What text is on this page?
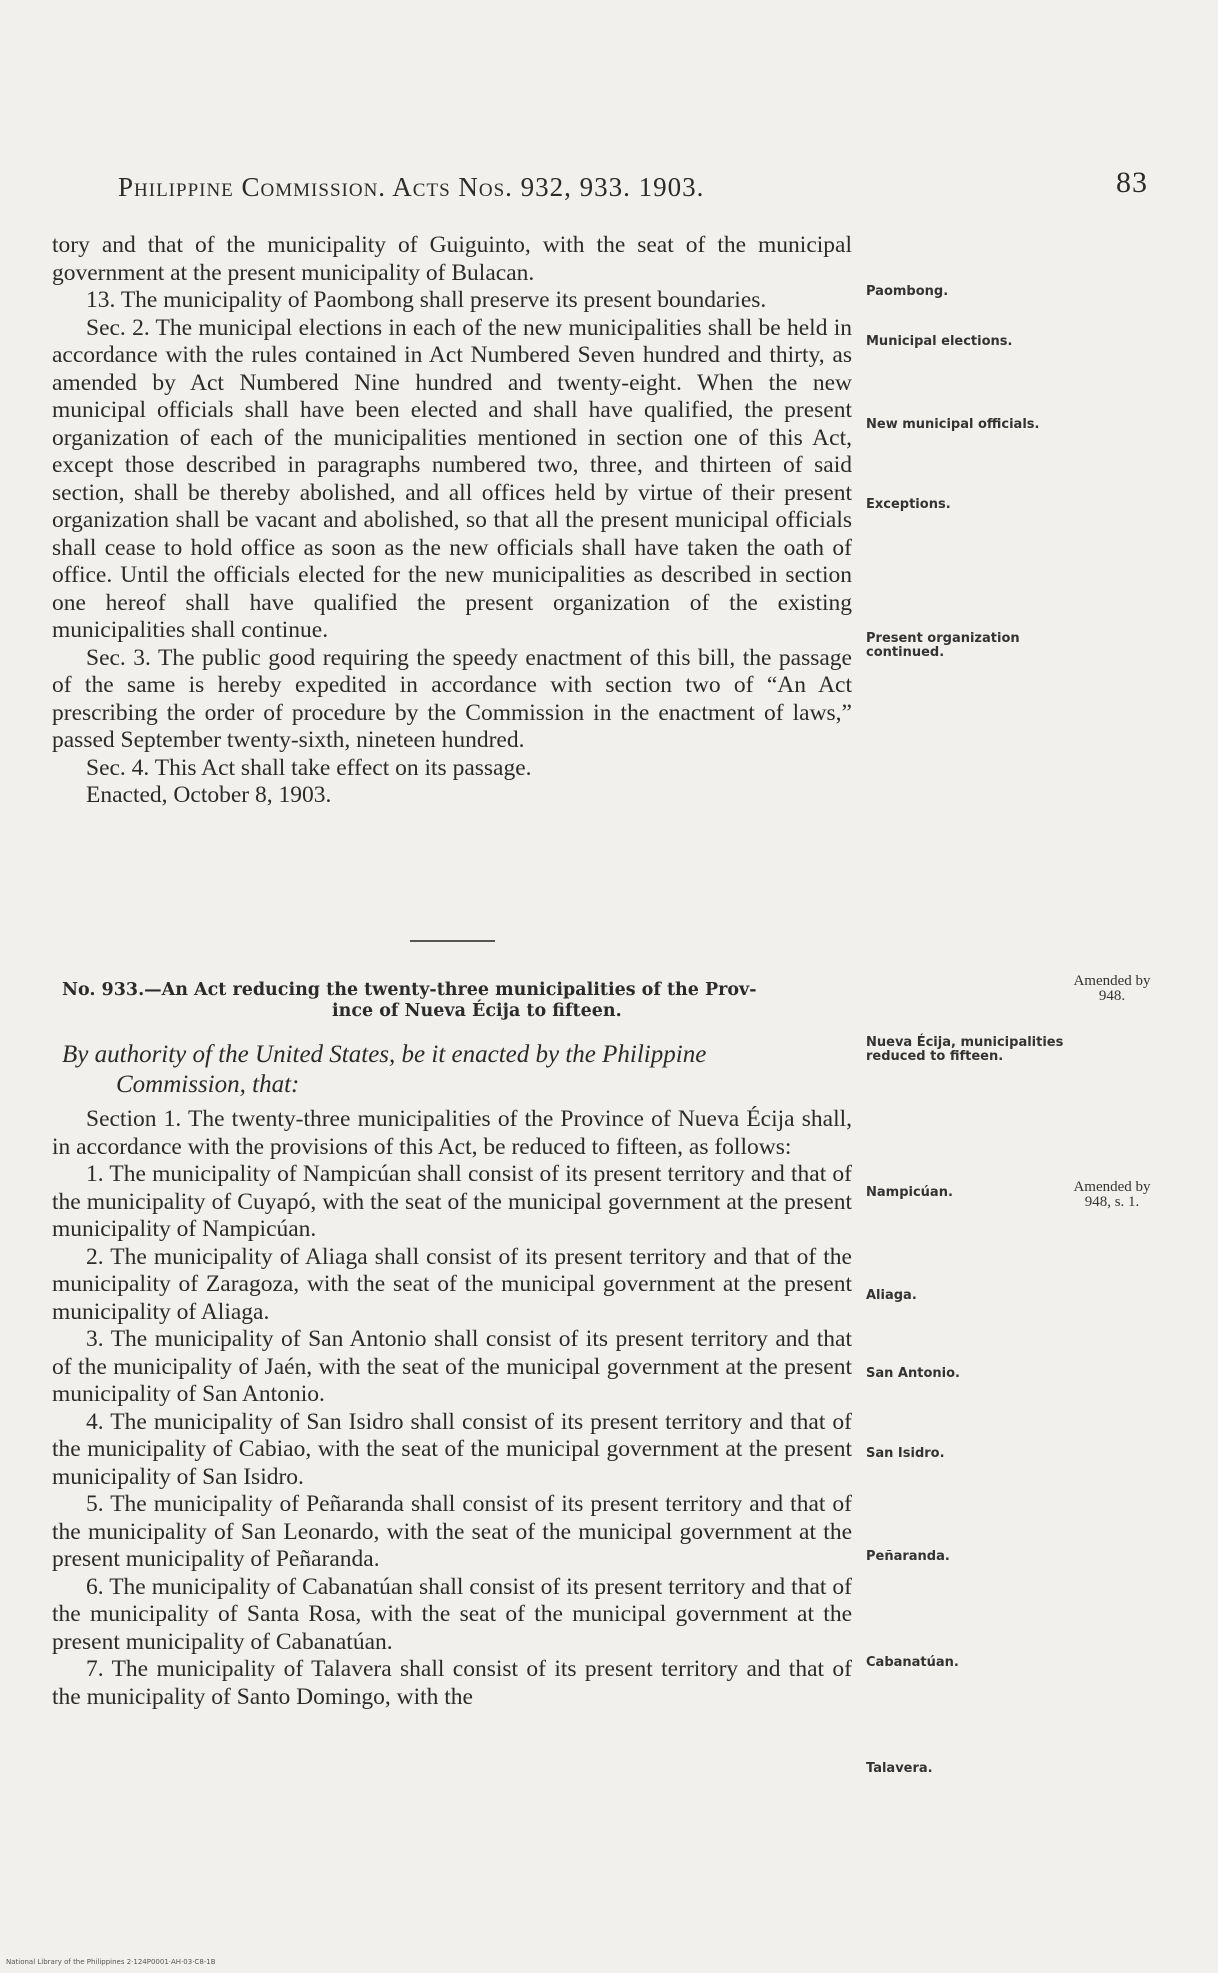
Philippine Commission. Acts Nos. 932, 933. 1903.	83

tory and that of the municipality of Guiguinto, with the seat of the municipal government at the present municipality of Bulacan.

13. The municipality of Paombong shall preserve its present boundaries.

Sec. 2. The municipal elections in each of the new municipalities shall be held in accordance with the rules contained in Act Numbered Seven hundred and thirty, as amended by Act Numbered Nine hundred and twenty-eight. When the new municipal officials shall have been elected and shall have qualified, the present organization of each of the municipalities mentioned in section one of this Act, except those described in paragraphs numbered two, three, and thirteen of said section, shall be thereby abolished, and all offices held by virtue of their present organization shall be vacant and abolished, so that all the present municipal officials shall cease to hold office as soon as the new officials shall have taken the oath of office. Until the officials elected for the new municipalities as described in section one hereof shall have qualified the present organization of the existing municipalities shall continue.

Sec. 3. The public good requiring the speedy enactment of this bill, the passage of the same is hereby expedited in accordance with section two of “An Act prescribing the order of procedure by the Commission in the enactment of laws,” passed September twenty-sixth, nineteen hundred.

Sec. 4. This Act shall take effect on its passage.

Enacted, October 8, 1903.

No. 933.—An Act reducing the twenty-three municipalities of the Prov-
ince of Nueva Écija to fifteen.
By authority of the United States, be it enacted by the Philippine
Commission, that:

Section 1. The twenty-three municipalities of the Province of Nueva Écija shall, in accordance with the provisions of this Act, be reduced to fifteen, as follows:

1. The municipality of Nampicúan shall consist of its present territory and that of the municipality of Cuyapó, with the seat of the municipal government at the present municipality of Nampicúan.

2. The municipality of Aliaga shall consist of its present territory and that of the municipality of Zaragoza, with the seat of the municipal government at the present municipality of Aliaga.

3. The municipality of San Antonio shall consist of its present territory and that of the municipality of Jaén, with the seat of the municipal government at the present municipality of San Antonio.

4. The municipality of San Isidro shall consist of its present territory and that of the municipality of Cabiao, with the seat of the municipal government at the present municipality of San Isidro.

5. The municipality of Peñaranda shall consist of its present territory and that of the municipality of San Leonardo, with the seat of the municipal government at the present municipality of Peñaranda.

6. The municipality of Cabanatúan shall consist of its present territory and that of the municipality of Santa Rosa, with the seat of the municipal government at the present municipality of Cabanatúan.

7. The municipality of Talavera shall consist of its present territory and that of the municipality of Santo Domingo, with the

Paombong.
Municipal elections.
New municipal officials.
Exceptions.
Present organization continued.
Nueva Écija, municipalities reduced to fifteen.
Nampicúan.
Aliaga.
San Antonio.
San Isidro.
Peñaranda.
Cabanatúan.
Talavera.
Amended by 948.
Amended by 948, s. 1.
National Library of the Philippines 2·124P0001·AH·03·C8-1B
